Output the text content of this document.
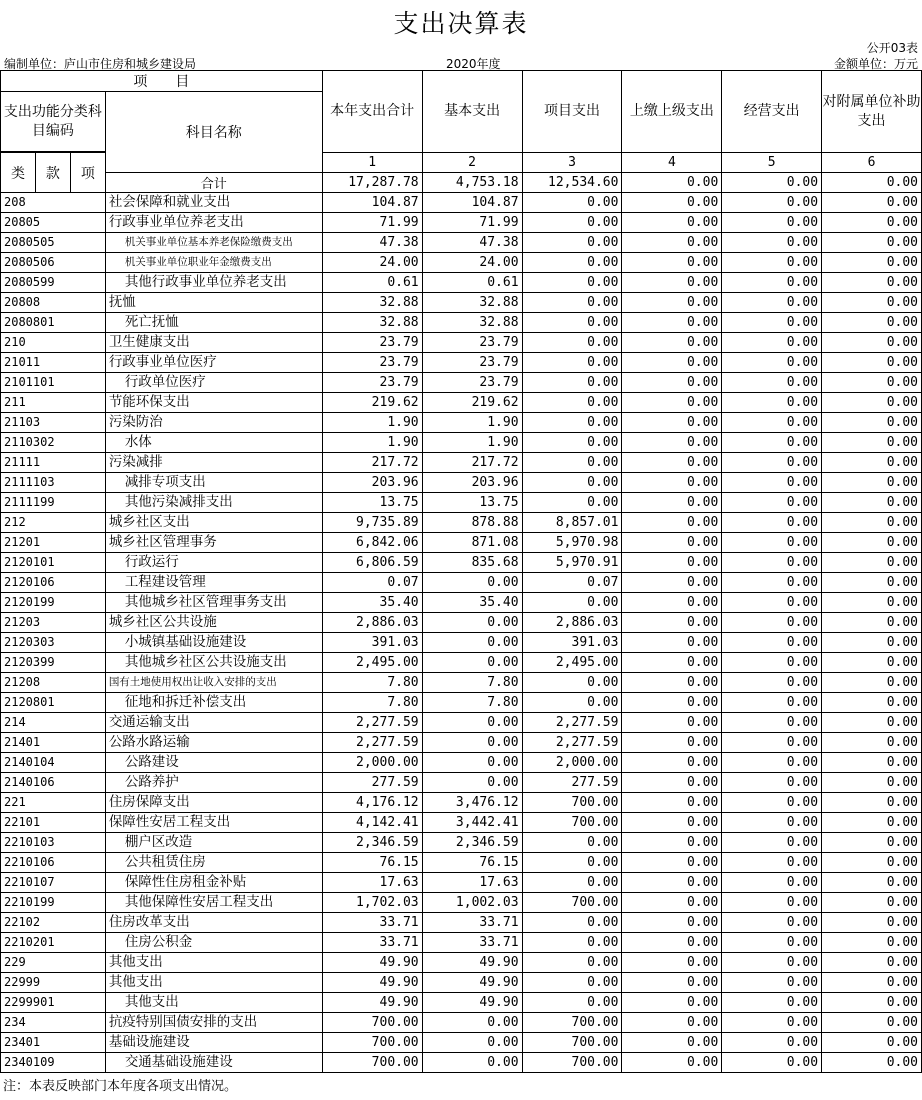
支出决算表
公开03表
编制单位：庐山市住房和城乡建设局	2020年度	金额单位：万元
项　　目				本年支出合计	基本支出	项目支出	上缴上级支出	经营支出	对附属单位补助支出
支出功能分类科目编码			科目名称						

类	款	项		1	2	3	4	5	6
			合计	17,287.78	4,753.18	12,534.60	0.00	0.00	0.00
208			社会保障和就业支出	104.87	104.87	0.00	0.00	0.00	0.00
20805			行政事业单位养老支出	71.99	71.99	0.00	0.00	0.00	0.00
2080505			机关事业单位基本养老保险缴费支出	47.38	47.38	0.00	0.00	0.00	0.00
2080506			机关事业单位职业年金缴费支出	24.00	24.00	0.00	0.00	0.00	0.00
2080599			其他行政事业单位养老支出	0.61	0.61	0.00	0.00	0.00	0.00
20808			抚恤	32.88	32.88	0.00	0.00	0.00	0.00
2080801			死亡抚恤	32.88	32.88	0.00	0.00	0.00	0.00
210			卫生健康支出	23.79	23.79	0.00	0.00	0.00	0.00
21011			行政事业单位医疗	23.79	23.79	0.00	0.00	0.00	0.00
2101101			行政单位医疗	23.79	23.79	0.00	0.00	0.00	0.00
211			节能环保支出	219.62	219.62	0.00	0.00	0.00	0.00
21103			污染防治	1.90	1.90	0.00	0.00	0.00	0.00
2110302			水体	1.90	1.90	0.00	0.00	0.00	0.00
21111			污染减排	217.72	217.72	0.00	0.00	0.00	0.00
2111103			减排专项支出	203.96	203.96	0.00	0.00	0.00	0.00
2111199			其他污染减排支出	13.75	13.75	0.00	0.00	0.00	0.00
212			城乡社区支出	9,735.89	878.88	8,857.01	0.00	0.00	0.00
21201			城乡社区管理事务	6,842.06	871.08	5,970.98	0.00	0.00	0.00
2120101			行政运行	6,806.59	835.68	5,970.91	0.00	0.00	0.00
2120106			工程建设管理	0.07	0.00	0.07	0.00	0.00	0.00
2120199			其他城乡社区管理事务支出	35.40	35.40	0.00	0.00	0.00	0.00
21203			城乡社区公共设施	2,886.03	0.00	2,886.03	0.00	0.00	0.00
2120303			小城镇基础设施建设	391.03	0.00	391.03	0.00	0.00	0.00
2120399			其他城乡社区公共设施支出	2,495.00	0.00	2,495.00	0.00	0.00	0.00
21208			国有土地使用权出让收入安排的支出	7.80	7.80	0.00	0.00	0.00	0.00
2120801			征地和拆迁补偿支出	7.80	7.80	0.00	0.00	0.00	0.00
214			交通运输支出	2,277.59	0.00	2,277.59	0.00	0.00	0.00
21401			公路水路运输	2,277.59	0.00	2,277.59	0.00	0.00	0.00
2140104			公路建设	2,000.00	0.00	2,000.00	0.00	0.00	0.00
2140106			公路养护	277.59	0.00	277.59	0.00	0.00	0.00
221			住房保障支出	4,176.12	3,476.12	700.00	0.00	0.00	0.00
22101			保障性安居工程支出	4,142.41	3,442.41	700.00	0.00	0.00	0.00
2210103			棚户区改造	2,346.59	2,346.59	0.00	0.00	0.00	0.00
2210106			公共租赁住房	76.15	76.15	0.00	0.00	0.00	0.00
2210107			保障性住房租金补贴	17.63	17.63	0.00	0.00	0.00	0.00
2210199			其他保障性安居工程支出	1,702.03	1,002.03	700.00	0.00	0.00	0.00
22102			住房改革支出	33.71	33.71	0.00	0.00	0.00	0.00
2210201			住房公积金	33.71	33.71	0.00	0.00	0.00	0.00
229			其他支出	49.90	49.90	0.00	0.00	0.00	0.00
22999			其他支出	49.90	49.90	0.00	0.00	0.00	0.00
2299901			其他支出	49.90	49.90	0.00	0.00	0.00	0.00
234			抗疫特别国债安排的支出	700.00	0.00	700.00	0.00	0.00	0.00
23401			基础设施建设	700.00	0.00	700.00	0.00	0.00	0.00
2340109			交通基础设施建设	700.00	0.00	700.00	0.00	0.00	0.00
注：本表反映部门本年度各项支出情况。
